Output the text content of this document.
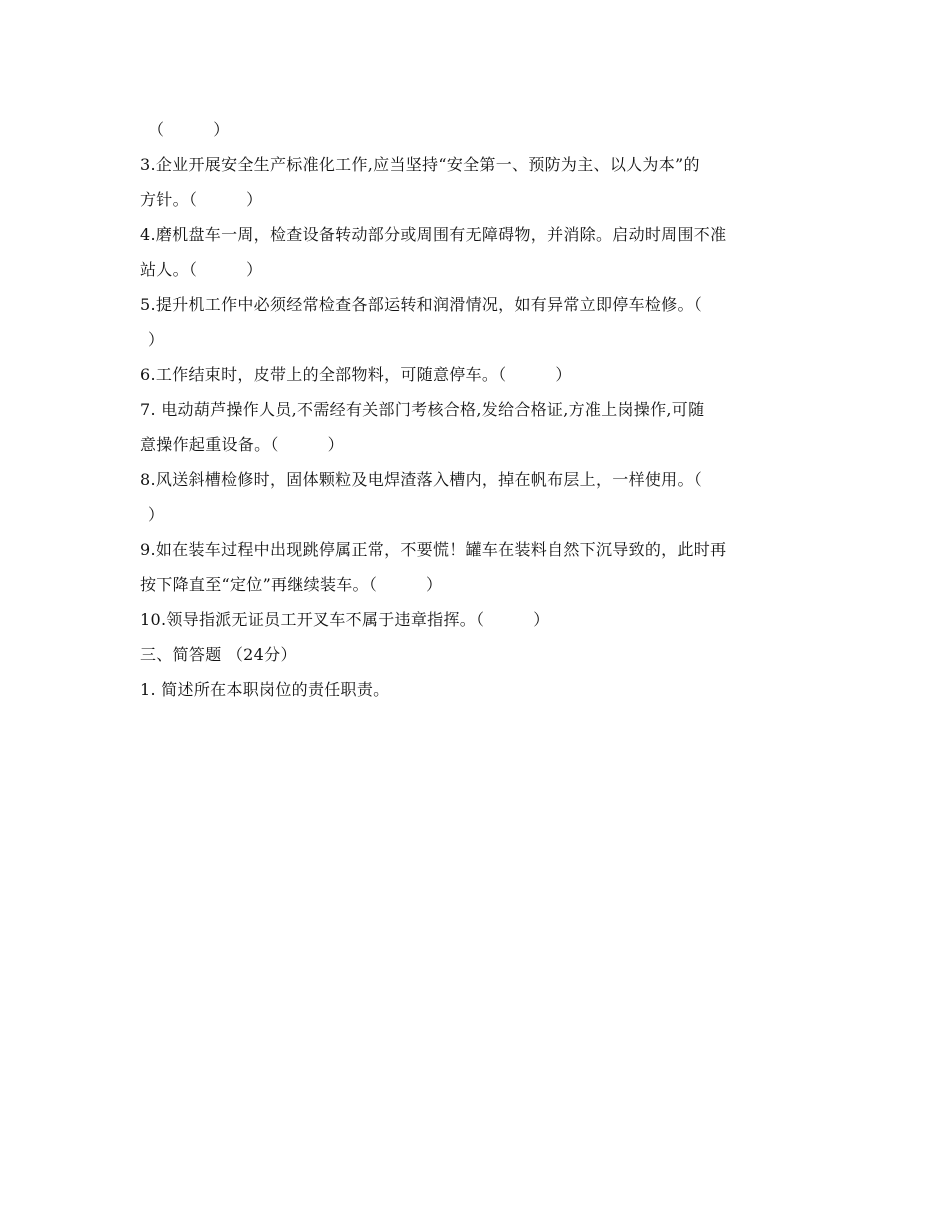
（　　　）
3.企业开展安全生产标准化工作,应当坚持“安全第一、预防为主、以人为本”的
方针。（　　　）
4.磨机盘车一周，检查设备转动部分或周围有无障碍物，并消除。启动时周围不准
站人。（　　　）
5.提升机工作中必须经常检查各部运转和润滑情况，如有异常立即停车检修。（
）
6.工作结束时，皮带上的全部物料，可随意停车。（　　　）
7. 电动葫芦操作人员,不需经有关部门考核合格,发给合格证,方准上岗操作,可随
意操作起重设备。（　　　）
8.风送斜槽检修时，固体颗粒及电焊渣落入槽内，掉在帆布层上，一样使用。（
）
9.如在装车过程中出现跳停属正常，不要慌！罐车在装料自然下沉导致的，此时再
按下降直至“定位”再继续装车。（　　　）
10.领导指派无证员工开叉车不属于违章指挥。（　　　）
三、简答题 （24分）
1. 简述所在本职岗位的责任职责。
